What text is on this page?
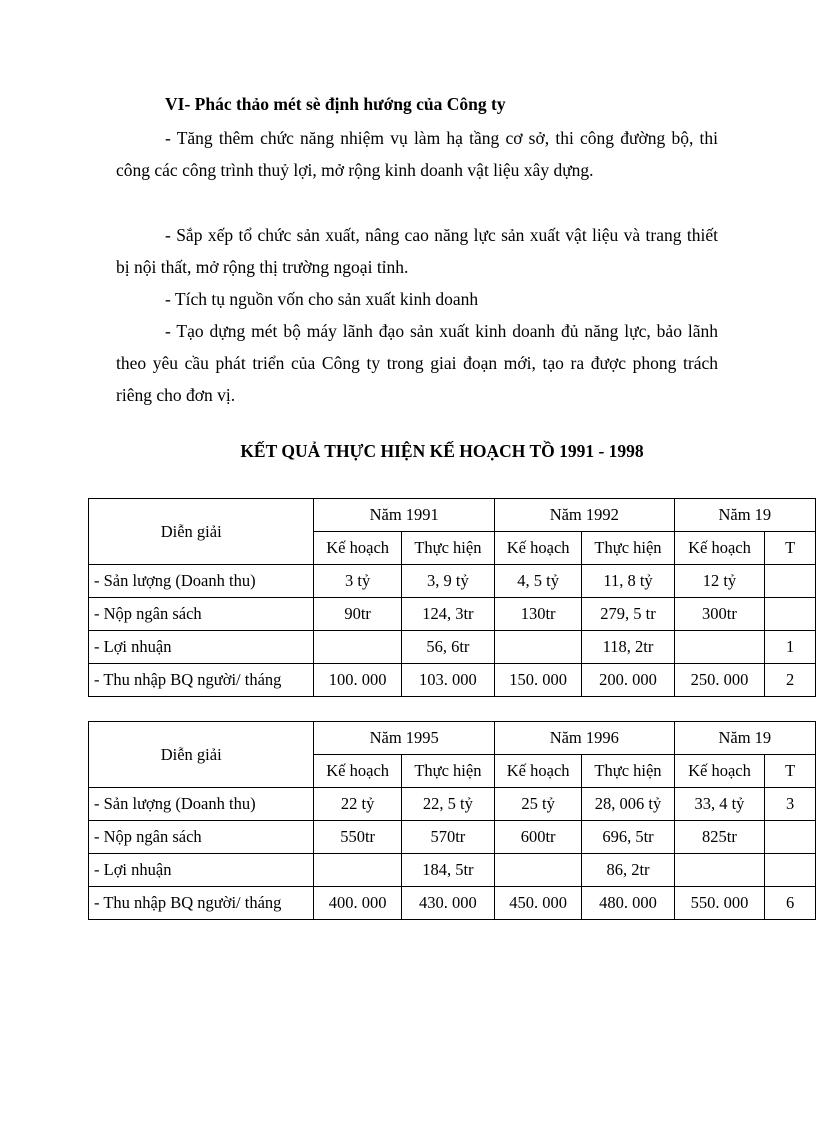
VI- Phác thảo mét sè định hướng của Công ty

- Tăng thêm chức năng nhiệm vụ làm hạ tầng cơ sở, thi công đường bộ, thi công các công trình thuỷ lợi, mở rộng kinh doanh vật liệu xây dựng.

- Sắp xếp tổ chức sản xuất, nâng cao năng lực sản xuất vật liệu và trang thiết bị nội thất, mở rộng thị trường ngoại tỉnh.

- Tích tụ nguồn vốn cho sản xuất kinh doanh

- Tạo dựng mét bộ máy lãnh đạo sản xuất kinh doanh đủ năng lực, bảo lãnh theo yêu cầu phát triển của Công ty trong giai đoạn mới, tạo ra được phong trách riêng cho đơn vị.

KẾT QUẢ THỰC HIỆN KẾ HOẠCH TỒ 1991 - 1998

Diễn giải	Năm 1991		Năm 1992		Năm 19	
	Kế hoạch	Thực hiện	Kế hoạch	Thực hiện	Kế hoạch	T
- Sản lượng (Doanh thu)	3 tỷ	3, 9 tỷ	4, 5 tỷ	11, 8 tỷ	12 tỷ	
- Nộp ngân sách	90tr	124, 3tr	130tr	279, 5 tr	300tr	
- Lợi nhuận		56, 6tr		118, 2tr		1
- Thu nhập BQ người/ tháng	100. 000	103. 000	150. 000	200. 000	250. 000	2
Diễn giải	Năm 1995		Năm 1996		Năm 19	
	Kế hoạch	Thực hiện	Kế hoạch	Thực hiện	Kế hoạch	T
- Sản lượng (Doanh thu)	22 tỷ	22, 5 tỷ	25 tỷ	28, 006 tỷ	33, 4 tỷ	3
- Nộp ngân sách	550tr	570tr	600tr	696, 5tr	825tr	
- Lợi nhuận		184, 5tr		86, 2tr		
- Thu nhập BQ người/ tháng	400. 000	430. 000	450. 000	480. 000	550. 000	6
